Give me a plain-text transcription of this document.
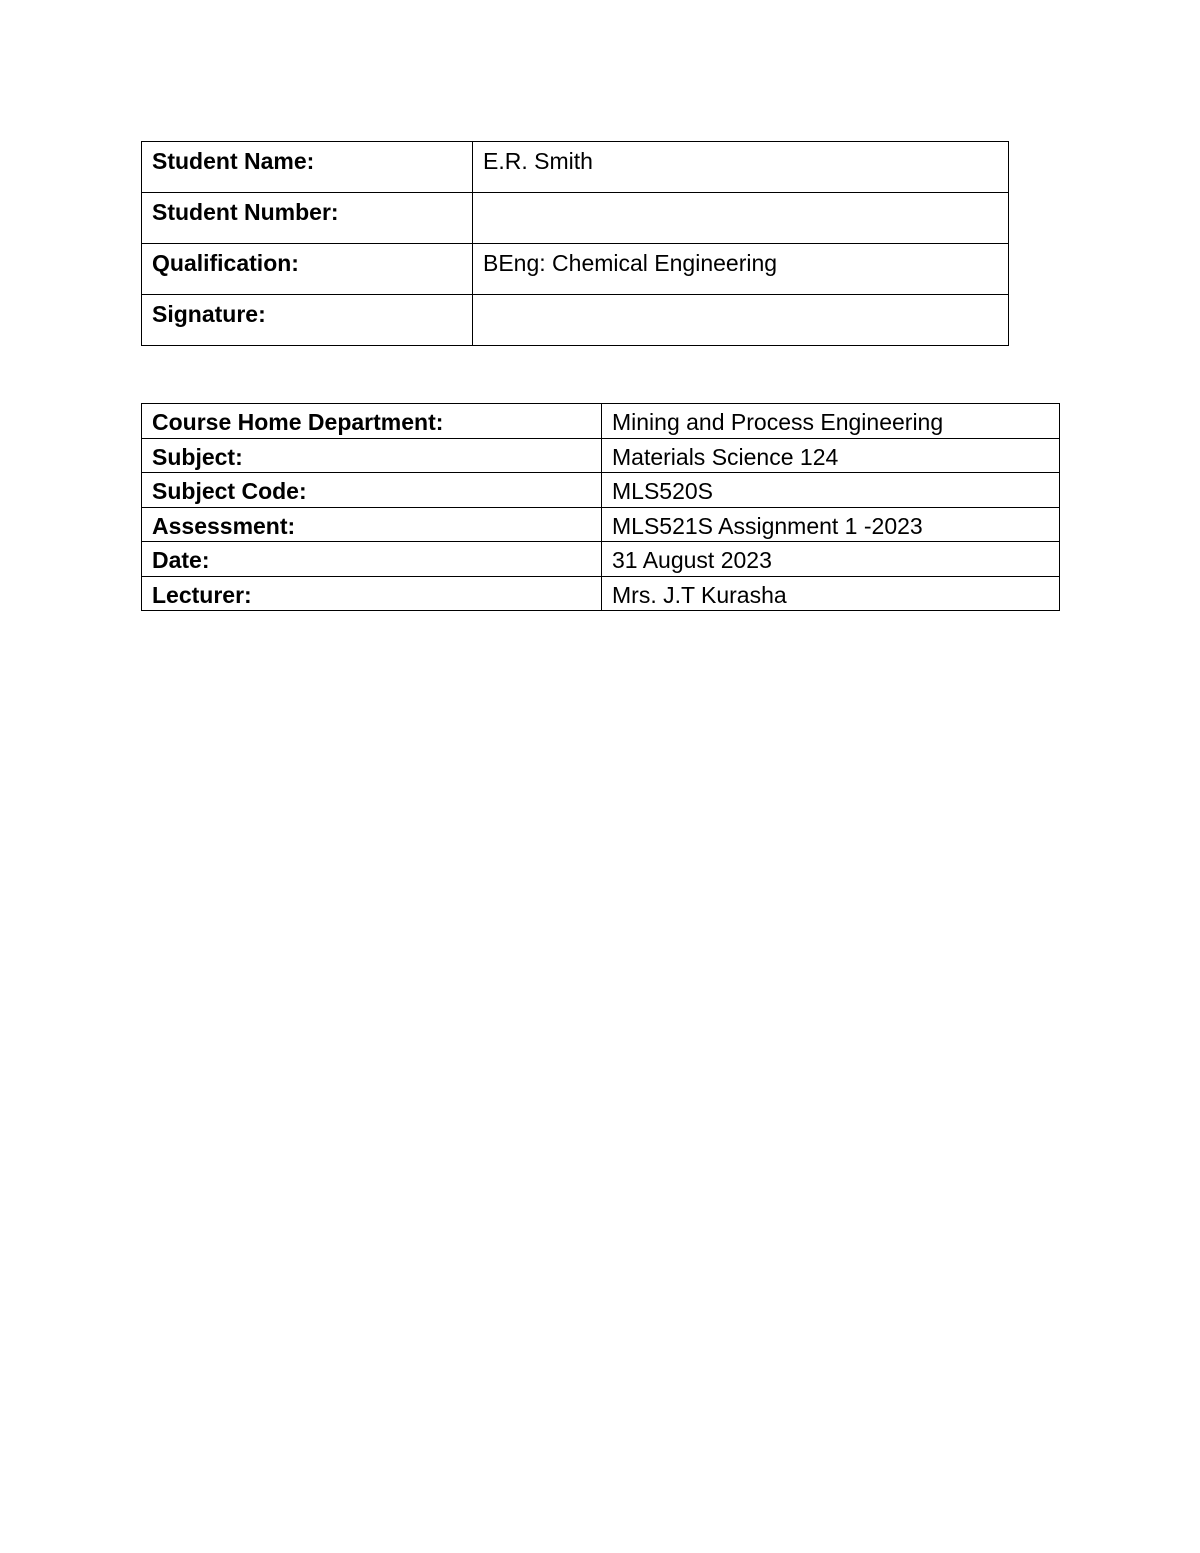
Student Name:	E.R. Smith
Student Number:	
Qualification:	BEng: Chemical Engineering
Signature:	
Course Home Department:	Mining and Process Engineering
Subject:	Materials Science 124
Subject Code:	MLS520S
Assessment:	MLS521S Assignment 1 -2023
Date:	31 August 2023
Lecturer:	Mrs. J.T Kurasha
